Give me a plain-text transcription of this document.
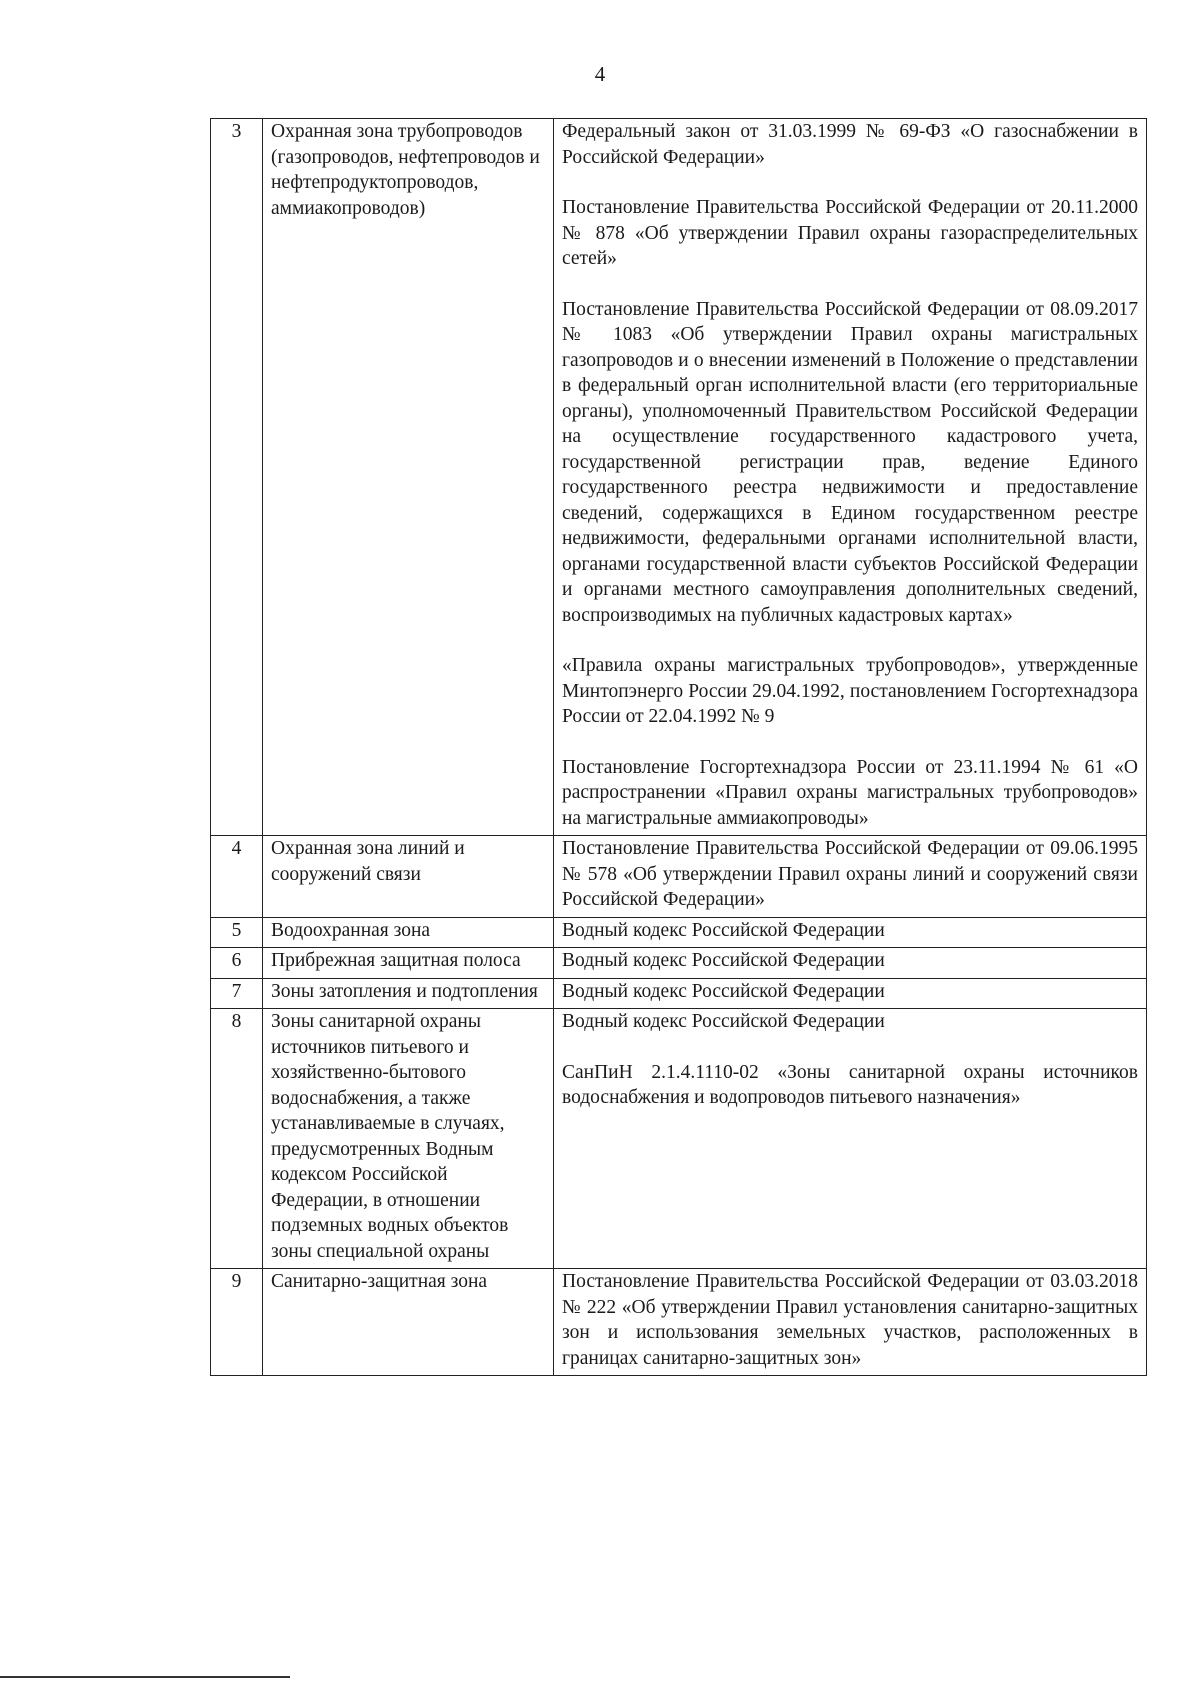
4
3	Охранная зона трубопроводов (газопроводов, нефтепроводов и нефтепродуктопроводов, аммиакопроводов)	Федеральный закон от 31.03.1999 № 69-ФЗ «О газоснабжении в Российской Федерации»

Постановление Правительства Российской Федерации от 20.11.2000 № 878 «Об утверждении Правил охраны газораспределительных сетей»

Постановление Правительства Российской Федерации от 08.09.2017 № 1083 «Об утверждении Правил охраны магистральных газопроводов и о внесении изменений в Положение о представлении в федеральный орган исполнительной власти (его территориальные органы), уполномоченный Правительством Российской Федерации на осуществление государственного кадастрового учета, государственной регистрации прав, ведение Единого государственного реестра недвижимости и предоставление сведений, содержащихся в Едином государственном реестре недвижимости, федеральными органами исполнительной власти, органами государственной власти субъектов Российской Федерации и органами местного самоуправления дополнительных сведений, воспроизводимых на публичных кадастровых картах»

«Правила охраны магистральных трубопроводов», утвержденные Минтопэнерго России 29.04.1992, постановлением Госгортехнадзора России от 22.04.1992 № 9

Постановление Госгортехнадзора России от 23.11.1994 № 61 «О распространении «Правил охраны магистральных трубопроводов» на магистральные аммиакопроводы»

4	Охранная зона линий и сооружений связи	Постановление Правительства Российской Федерации от 09.06.1995 № 578 «Об утверждении Правил охраны линий и сооружений связи Российской Федерации»

5	Водоохранная зона	Водный кодекс Российской Федерации

6	Прибрежная защитная полоса	Водный кодекс Российской Федерации

7	Зоны затопления и подтопления	Водный кодекс Российской Федерации

8	Зоны санитарной охраны источников питьевого и хозяйственно-бытового водоснабжения, а также устанавливаемые в случаях, предусмотренных Водным кодексом Российской Федерации, в отношении подземных водных объектов зоны специальной охраны	Водный кодекс Российской Федерации

СанПиН 2.1.4.1110-02 «Зоны санитарной охраны источников водоснабжения и водопроводов питьевого назначения»

9	Санитарно-защитная зона	Постановление Правительства Российской Федерации от 03.03.2018 № 222 «Об утверждении Правил установления санитарно-защитных зон и использования земельных участков, расположенных в границах санитарно-защитных зон»
